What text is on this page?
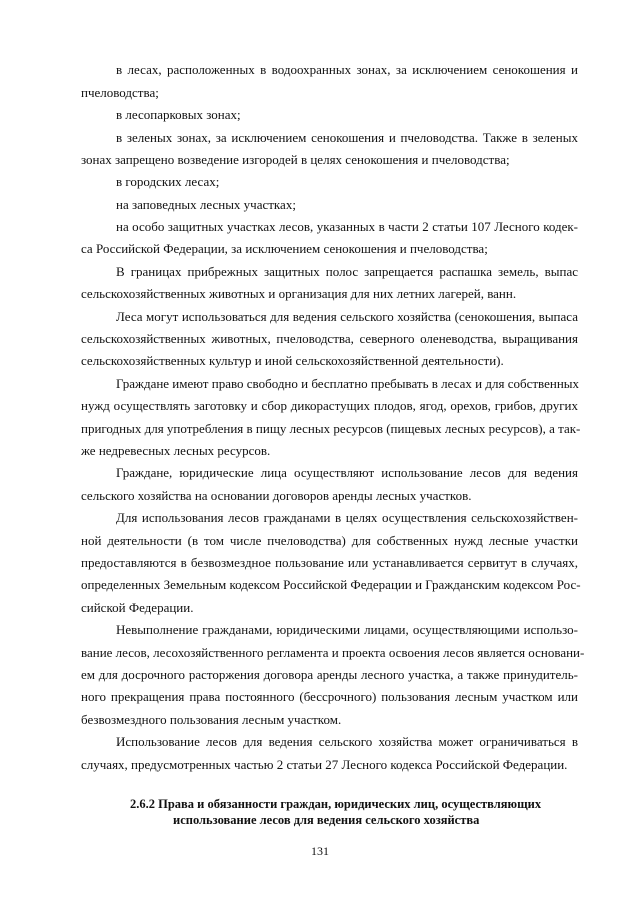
в лесах, расположенных в водоохранных зонах, за исключением сенокошения и
пчеловодства;
в лесопарковых зонах;
в зеленых зонах, за исключением сенокошения и пчеловодства. Также в зеленых
зонах запрещено возведение изгородей в целях сенокошения и пчеловодства;
в городских лесах;
на заповедных лесных участках;
на особо защитных участках лесов, указанных в части 2 статьи 107 Лесного кодек-
са Российской Федерации, за исключением сенокошения и пчеловодства;
В границах прибрежных защитных полос запрещается распашка земель, выпас
сельскохозяйственных животных и организация для них летних лагерей, ванн.
Леса могут использоваться для ведения сельского хозяйства (сенокошения, выпаса
сельскохозяйственных животных, пчеловодства, северного оленеводства, выращивания
сельскохозяйственных культур и иной сельскохозяйственной деятельности).
Граждане имеют право свободно и бесплатно пребывать в лесах и для собственных
нужд осуществлять заготовку и сбор дикорастущих плодов, ягод, орехов, грибов, других
пригодных для употребления в пищу лесных ресурсов (пищевых лесных ресурсов), а так-
же недревесных лесных ресурсов.
Граждане, юридические лица осуществляют использование лесов для ведения
сельского хозяйства на основании договоров аренды лесных участков.
Для использования лесов гражданами в целях осуществления сельскохозяйствен-
ной деятельности (в том числе пчеловодства) для собственных нужд лесные участки
предоставляются в безвозмездное пользование или устанавливается сервитут в случаях,
определенных Земельным кодексом Российской Федерации и Гражданским кодексом Рос-
сийской Федерации.
Невыполнение гражданами, юридическими лицами, осуществляющими использо-
вание лесов, лесохозяйственного регламента и проекта освоения лесов является основани-
ем для досрочного расторжения договора аренды лесного участка, а также принудитель-
ного прекращения права постоянного (бессрочного) пользования лесным участком или
безвозмездного пользования лесным участком.
Использование лесов для ведения сельского хозяйства может ограничиваться в
случаях, предусмотренных частью 2 статьи 27 Лесного кодекса Российской Федерации.
2.6.2 Права и обязанности граждан, юридических лиц, осуществляющих
использование лесов для ведения сельского хозяйства
131
